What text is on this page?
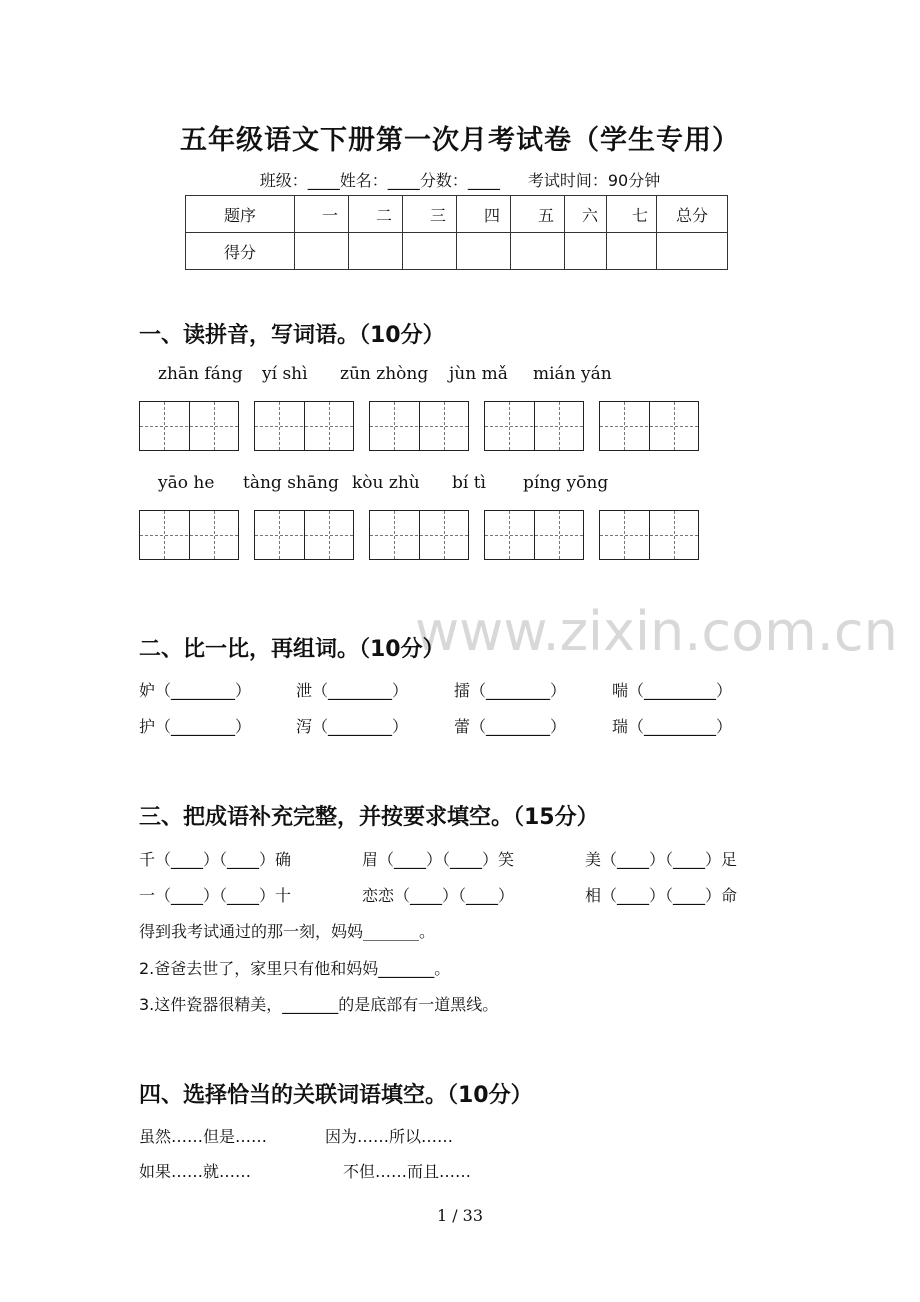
五年级语文下册第一次月考试卷（学生专用）
班级：____姓名：____分数：____ 考试时间：90分钟
题序	一	二	三	四	五	六	七	总分
得分								
一、读拼音，写词语。（10分）
zhān fáng yí shì zūn zhòng jùn mǎ mián yán
yāo he tàng shāng kòu zhù bí tì píng yōng
www.zixin.com.cn
二、比一比，再组词。（10分）
妒（________）	泄（________）	擂（________）	喘（_________）
护（________）	泻（________）	蕾（________）	瑞（_________）
三、把成语补充完整，并按要求填空。（15分）
千（____）（____）确	眉（____）（____）笑	美（____）（____）足
一（____）（____）十	恋恋（____）（____）	相（____）（____）命
得到我考试通过的那一刻，妈妈_______。
2.爸爸去世了，家里只有他和妈妈_______。
3.这件瓷器很精美，_______的是底部有一道黑线。
四、选择恰当的关联词语填空。（10分）
虽然……但是……	因为……所以……
如果……就……	不但……而且……
1 / 33
